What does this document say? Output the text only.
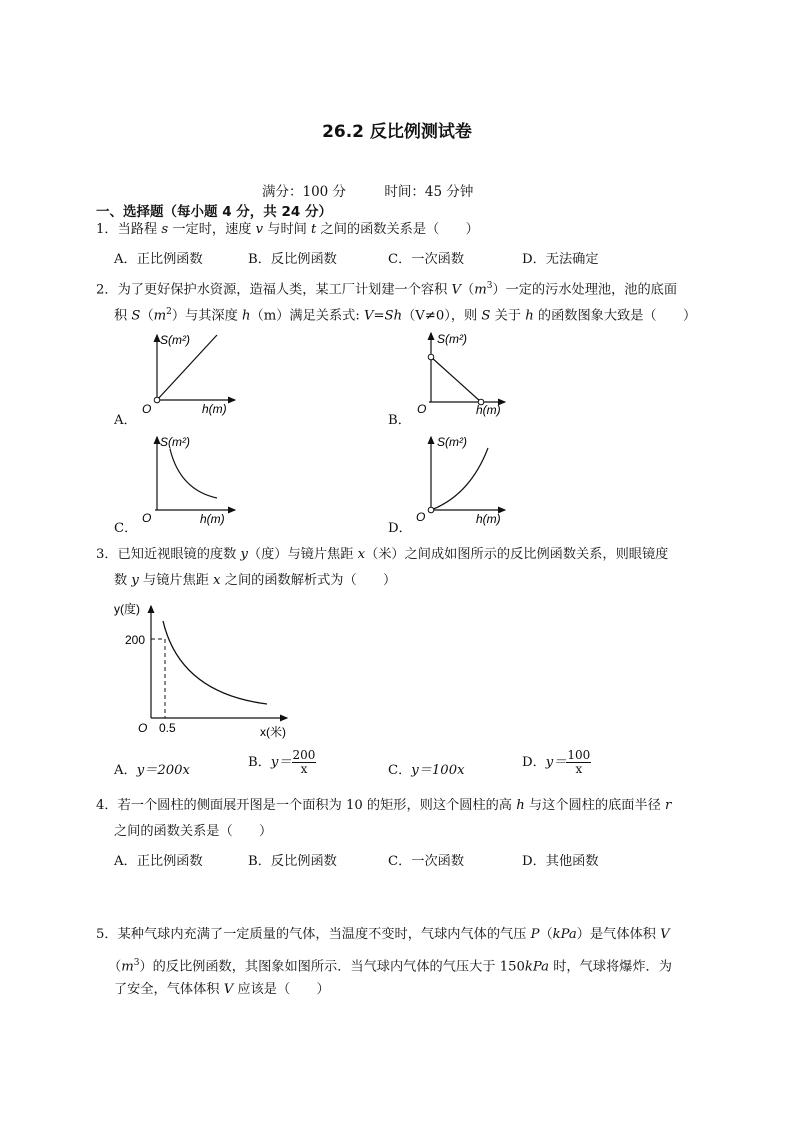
26.2 反比例测试卷
满分：100 分	时间：45 分钟
一、选择题（每小题 4 分，共 24 分）
1．当路程 s 一定时，速度 v 与时间 t 之间的函数关系是（　　）
A．正比例函数	B．反比例函数	C．一次函数	D．无法确定
2．为了更好保护水资源，造福人类，某工厂计划建一个容积 $V(m^3)$一定的污水处理池，池的底面
积 $S(m^2)$与其深度 h（m）满足关系式: V=Sh（V≠0），则 S 关于 h 的函数图象大致是（　　）
S(m²)
O	h(m)
S(m²)
O	h(m)
S(m²)
O	h(m)
S(m²)
O	h(m)
A．	B．
C．	D．
3．已知近视眼镜的度数 y（度）与镜片焦距 x（米）之间成如图所示的反比例函数关系，则眼镜度
数 y 与镜片焦距 x 之间的函数解析式为（　　）
y(度)
200
O 0.5	x(米)
A．y＝200x
B．$y= \frac{200}{x}$	C．y＝100x
D．$y= \frac{100}{x}$
4．若一个圆柱的侧面展开图是一个面积为 10 的矩形，则这个圆柱的高 h 与这个圆柱的底面半径 r
之间的函数关系是（　　）
A．正比例函数	B．反比例函数	C．一次函数	D．其他函数
5．某种气球内充满了一定质量的气体，当温度不变时，气球内气体的气压 P（kPa）是气体体积 V
$(m^3)$的反比例函数，其图象如图所示．当气球内气体的气压大于 150kPa 时，气球将爆炸．为
了安全，气体体积 V 应该是（　　）
